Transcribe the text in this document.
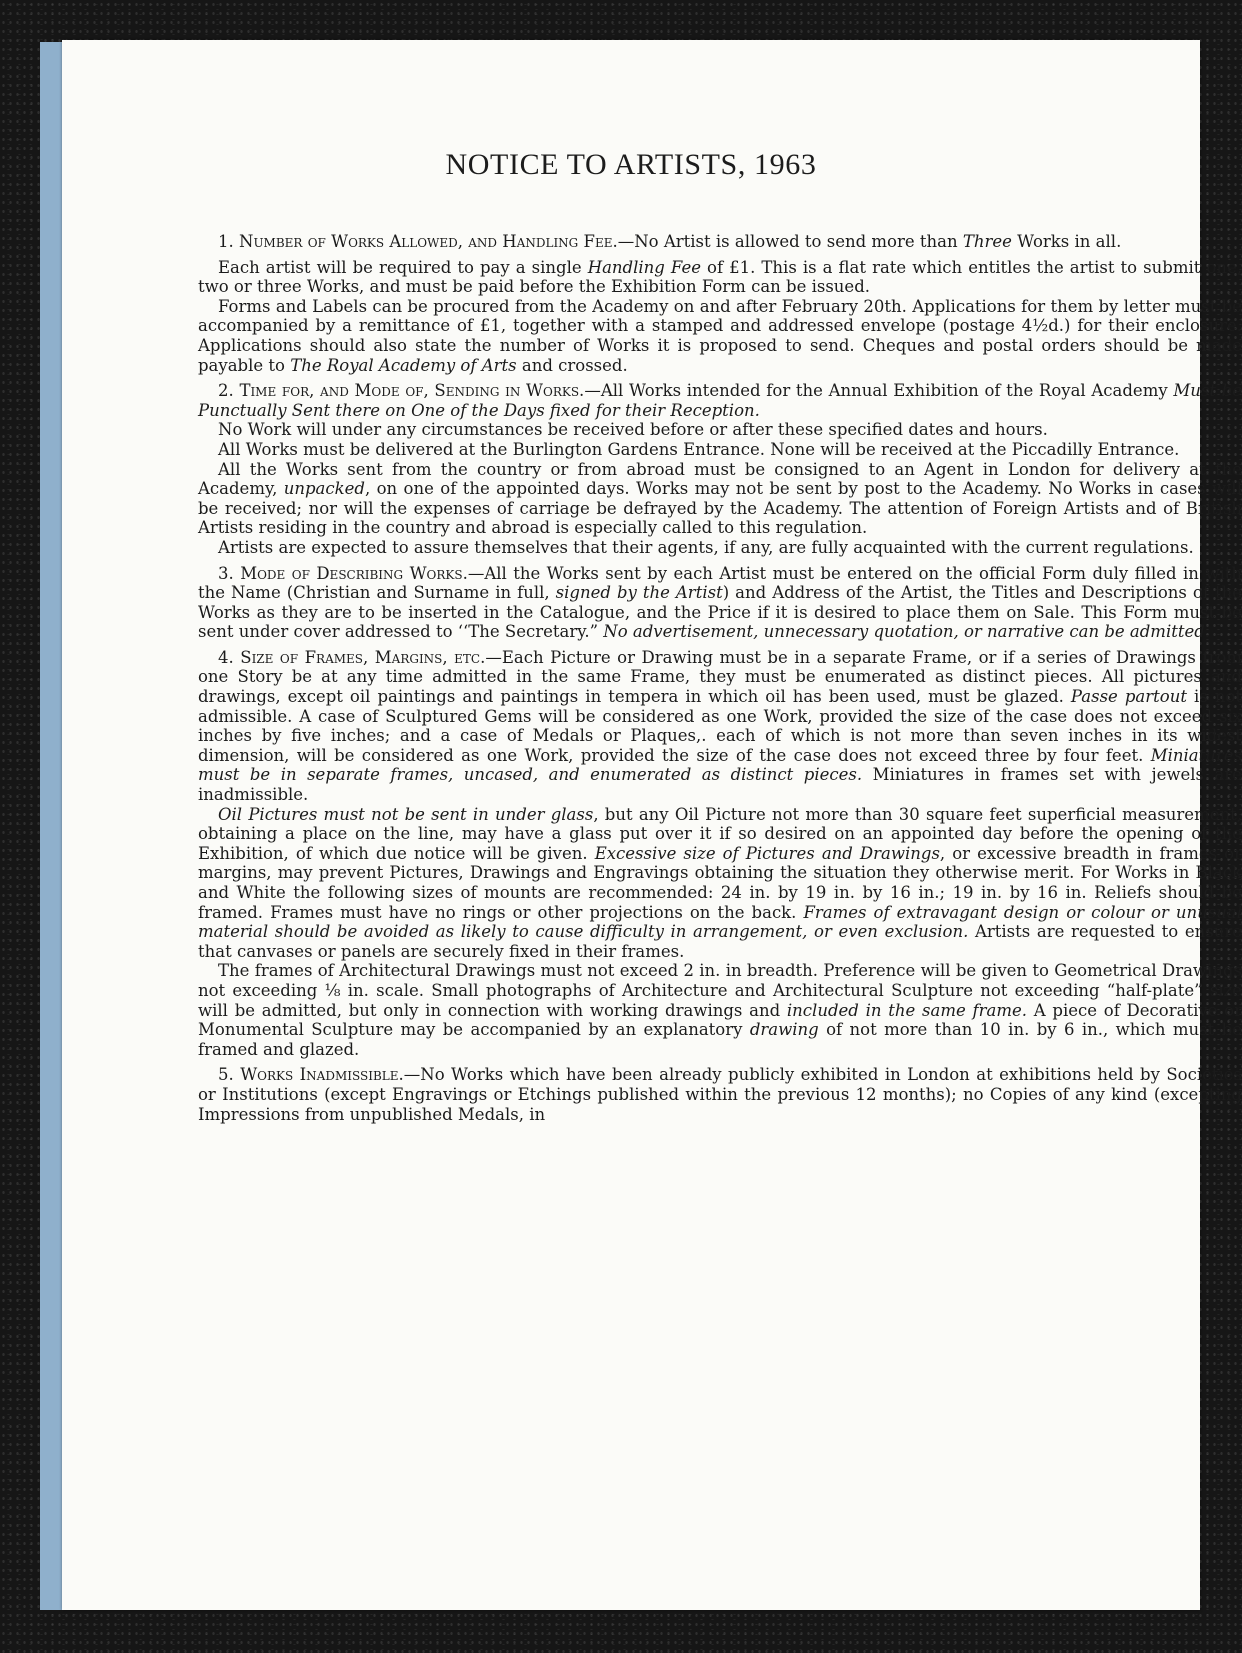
NOTICE TO ARTISTS, 1963

1. Number of Works Allowed, and Handling Fee.—No Artist is allowed to send more than Three Works in all.

Each artist will be required to pay a single Handling Fee of £1. This is a flat rate which entitles the artist to submit one, two or three Works, and must be paid before the Exhibition Form can be issued.

Forms and Labels can be procured from the Academy on and after February 20th. Applications for them by letter must be accompanied by a remittance of £1, together with a stamped and addressed envelope (postage 4½d.) for their enclosure. Applications should also state the number of Works it is proposed to send. Cheques and postal orders should be made payable to The Royal Academy of Arts and crossed.

2. Time for, and Mode of, Sending in Works.—All Works intended for the Annual Exhibition of the Royal Academy Must be Punctually Sent there on One of the Days fixed for their Reception.

No Work will under any circumstances be received before or after these specified dates and hours.

All Works must be delivered at the Burlington Gardens Entrance. None will be received at the Piccadilly Entrance.

All the Works sent from the country or from abroad must be consigned to an Agent in London for delivery at the Academy, unpacked, on one of the appointed days. Works may not be sent by post to the Academy. No Works in cases will be received; nor will the expenses of carriage be defrayed by the Academy. The attention of Foreign Artists and of British Artists residing in the country and abroad is especially called to this regulation.

Artists are expected to assure themselves that their agents, if any, are fully acquainted with the current regulations.

3. Mode of Describing Works.—All the Works sent by each Artist must be entered on the official Form duly filled in with the Name (Christian and Surname in full, signed by the Artist) and Address of the Artist, the Titles and Descriptions of the Works as they are to be inserted in the Catalogue, and the Price if it is desired to place them on Sale. This Form must be sent under cover addressed to ‘‘The Secretary.” No advertisement, unnecessary quotation, or narrative can be admitted.

4. Size of Frames, Margins, etc.—Each Picture or Drawing must be in a separate Frame, or if a series of Drawings from one Story be at any time admitted in the same Frame, they must be enumerated as distinct pieces. All pictures and drawings, except oil paintings and paintings in tempera in which oil has been used, must be glazed. Passe partout is not admissible. A case of Sculptured Gems will be considered as one Work, provided the size of the case does not exceed six inches by five inches; and a case of Medals or Plaques,. each of which is not more than seven inches in its widest dimension, will be considered as one Work, provided the size of the case does not exceed three by four feet. Miniatures must be in separate frames, uncased, and enumerated as distinct pieces. Miniatures in frames set with jewels are inadmissible.

Oil Pictures must not be sent in under glass, but any Oil Picture not more than 30 square feet superficial measurement, obtaining a place on the line, may have a glass put over it if so desired on an appointed day before the opening of the Exhibition, of which due notice will be given. Excessive size of Pictures and Drawings, or excessive breadth in frames or margins, may prevent Pictures, Drawings and Engravings obtaining the situation they otherwise merit. For Works in Black and White the following sizes of mounts are recommended: 24 in. by 19 in. by 16 in.; 19 in. by 16 in. Reliefs should be framed. Frames must have no rings or other projections on the back. Frames of extravagant design or colour or unusual material should be avoided as likely to cause difficulty in arrangement, or even exclusion. Artists are requested to ensure that canvases or panels are securely fixed in their frames.

The frames of Architectural Drawings must not exceed 2 in. in breadth. Preference will be given to Geometrical Drawings not exceeding ⅛ in. scale. Small photographs of Architecture and Architectural Sculpture not exceeding “half-plate” size will be admitted, but only in connection with working drawings and included in the same frame. A piece of Decorative or Monumental Sculpture may be accompanied by an explanatory drawing of not more than 10 in. by 6 in., which must be framed and glazed.

5. Works Inadmissible.—No Works which have been already publicly exhibited in London at exhibitions held by Societies or Institutions (except Engravings or Etchings published within the previous 12 months); no Copies of any kind (excepting Impressions from unpublished Medals, in
